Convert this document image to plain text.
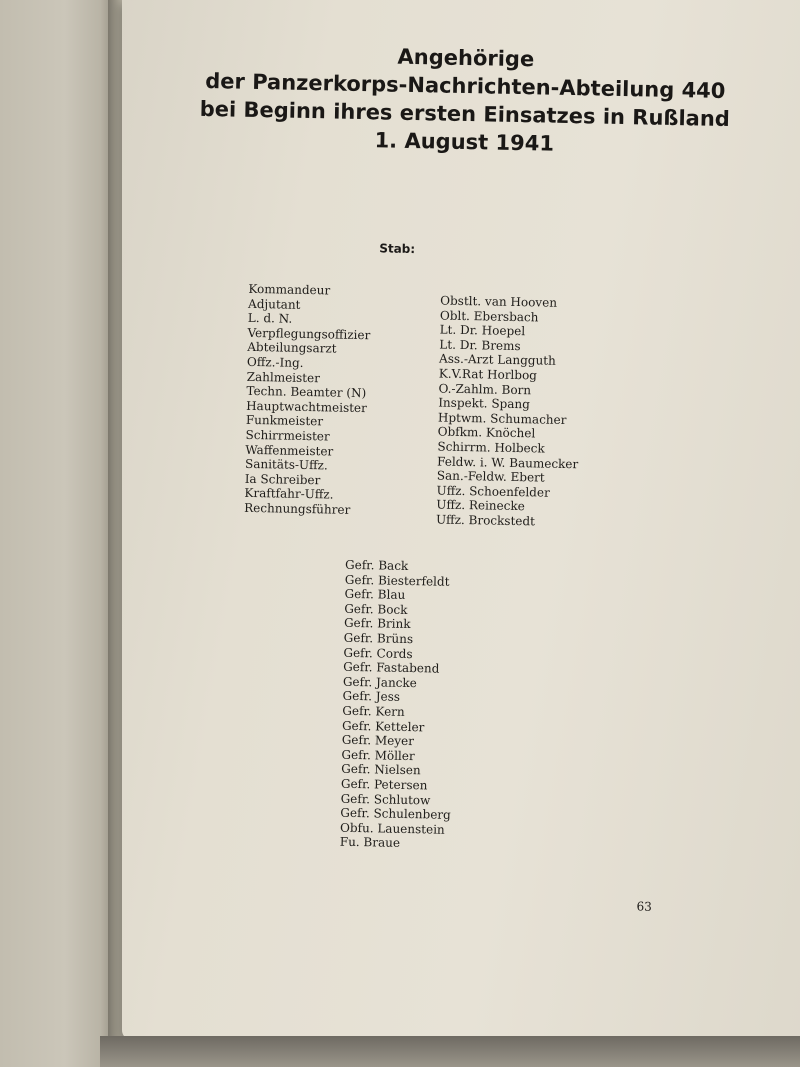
Angehörige
der Panzerkorps-Nachrichten-Abteilung 440
bei Beginn ihres ersten Einsatzes in Rußland
1. August 1941
Stab:
Kommandeur
Obstlt. van Hooven
Adjutant
Oblt. Ebersbach
L. d. N.
Lt. Dr. Hoepel
Verpflegungsoffizier
Lt. Dr. Brems
Abteilungsarzt
Ass.-Arzt Langguth
Offz.-Ing.
K.V.Rat Horlbog
Zahlmeister
O.-Zahlm. Born
Techn. Beamter (N)
Inspekt. Spang
Hauptwachtmeister
Hptwm. Schumacher
Funkmeister
Obfkm. Knöchel
Schirrmeister
Schirrm. Holbeck
Waffenmeister
Feldw. i. W. Baumecker
Sanitäts-Uffz.
San.-Feldw. Ebert
Ia Schreiber
Uffz. Schoenfelder
Kraftfahr-Uffz.
Uffz. Reinecke
Rechnungsführer
Uffz. Brockstedt
Gefr. Back
Gefr. Biesterfeldt
Gefr. Blau
Gefr. Bock
Gefr. Brink
Gefr. Brüns
Gefr. Cords
Gefr. Fastabend
Gefr. Jancke
Gefr. Jess
Gefr. Kern
Gefr. Ketteler
Gefr. Meyer
Gefr. Möller
Gefr. Nielsen
Gefr. Petersen
Gefr. Schlutow
Gefr. Schulenberg
Obfu. Lauenstein
Fu. Braue
63
